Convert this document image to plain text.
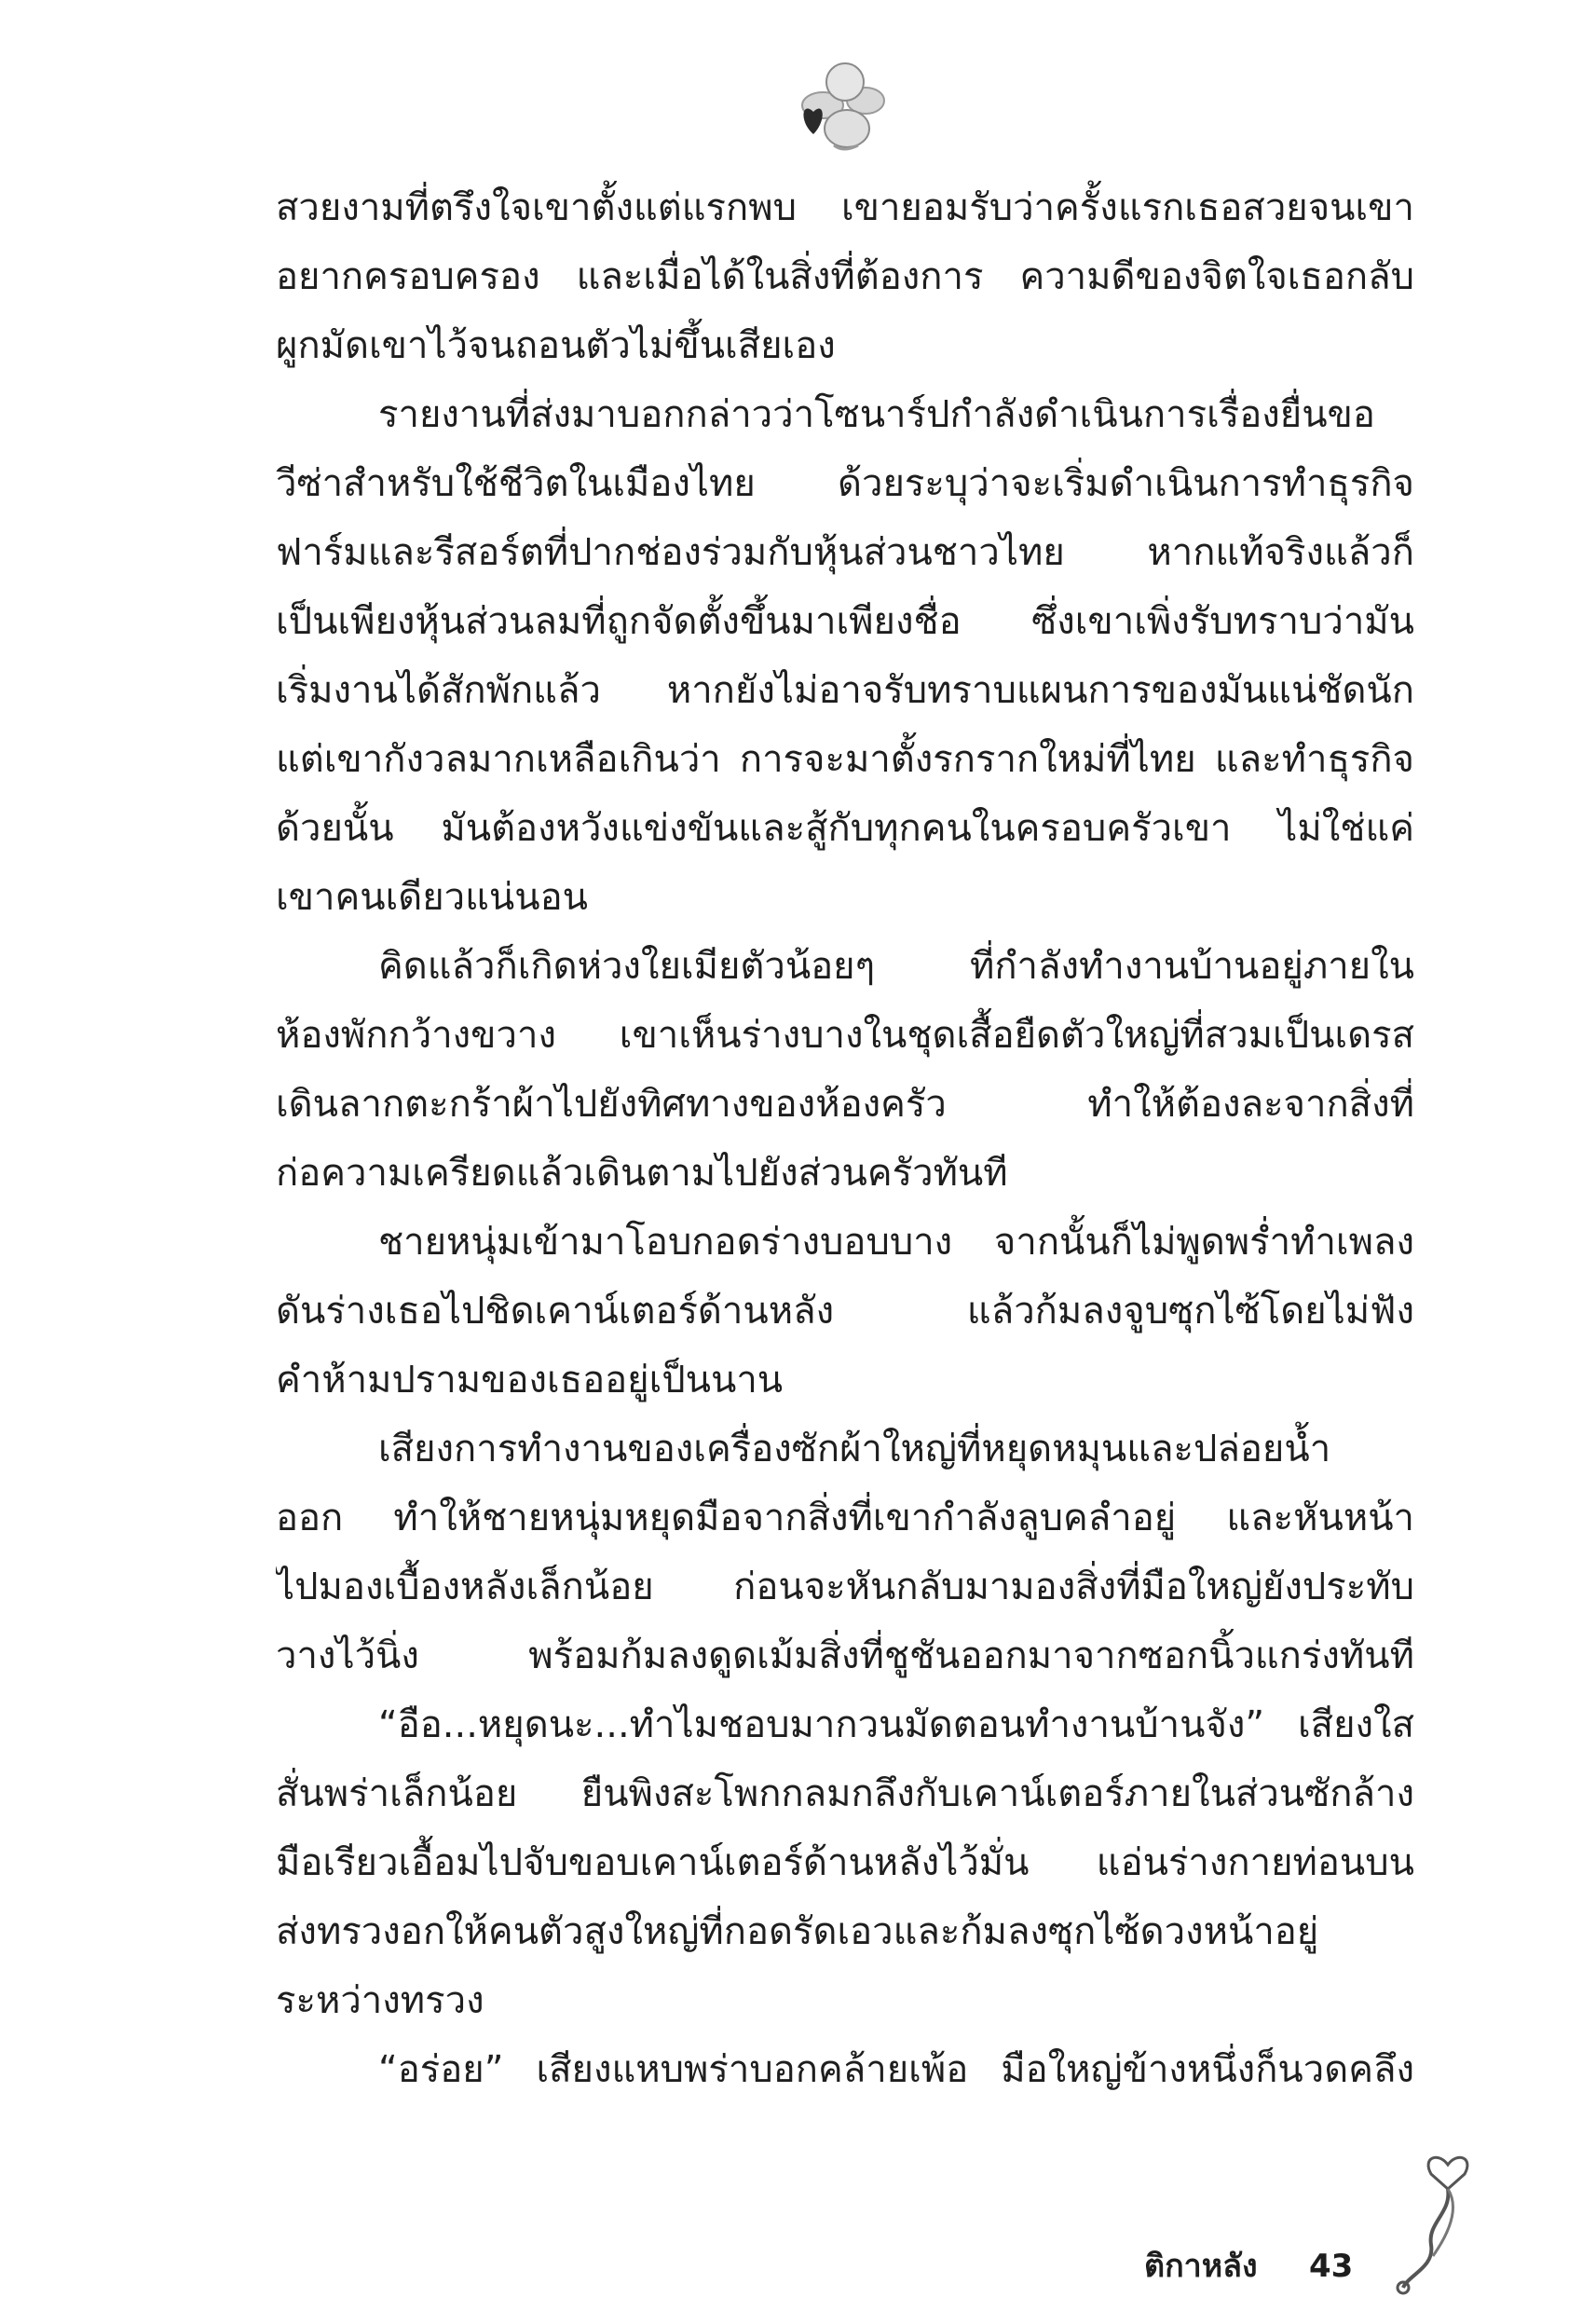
สวยงามที่ตรึงใจเขาตั้งแต่แรกพบ เขายอมรับว่าครั้งแรกเธอสวยจนเขา
อยากครอบครอง และเมื่อได้ในสิ่งที่ต้องการ ความดีของจิตใจเธอกลับ
ผูกมัดเขาไว้จนถอนตัวไม่ขึ้นเสียเอง
รายงานที่ส่งมาบอกกล่าวว่าโซนาร์ปกำลังดำเนินการเรื่องยื่นขอ
วีซ่าสำหรับใช้ชีวิตในเมืองไทย ด้วยระบุว่าจะเริ่มดำเนินการทำธุรกิจ
ฟาร์มและรีสอร์ตที่ปากช่องร่วมกับหุ้นส่วนชาวไทย หากแท้จริงแล้วก็
เป็นเพียงหุ้นส่วนลมที่ถูกจัดตั้งขึ้นมาเพียงชื่อ ซึ่งเขาเพิ่งรับทราบว่ามัน
เริ่มงานได้สักพักแล้ว หากยังไม่อาจรับทราบแผนการของมันแน่ชัดนัก
แต่เขากังวลมากเหลือเกินว่า การจะมาตั้งรกรากใหม่ที่ไทย และทำธุรกิจ
ด้วยนั้น มันต้องหวังแข่งขันและสู้กับทุกคนในครอบครัวเขา ไม่ใช่แค่
เขาคนเดียวแน่นอน
คิดแล้วก็เกิดห่วงใยเมียตัวน้อยๆ ที่กำลังทำงานบ้านอยู่ภายใน
ห้องพักกว้างขวาง เขาเห็นร่างบางในชุดเสื้อยืดตัวใหญ่ที่สวมเป็นเดรส
เดินลากตะกร้าผ้าไปยังทิศทางของห้องครัว ทำให้ต้องละจากสิ่งที่
ก่อความเครียดแล้วเดินตามไปยังส่วนครัวทันที
ชายหนุ่มเข้ามาโอบกอดร่างบอบบาง จากนั้นก็ไม่พูดพร่ำทำเพลง
ดันร่างเธอไปชิดเคาน์เตอร์ด้านหลัง แล้วก้มลงจูบซุกไซ้โดยไม่ฟัง
คำห้ามปรามของเธออยู่เป็นนาน
เสียงการทำงานของเครื่องซักผ้าใหญ่ที่หยุดหมุนและปล่อยน้ำ
ออก ทำให้ชายหนุ่มหยุดมือจากสิ่งที่เขากำลังลูบคลำอยู่ และหันหน้า
ไปมองเบื้องหลังเล็กน้อย ก่อนจะหันกลับมามองสิ่งที่มือใหญ่ยังประทับ
วางไว้นิ่ง พร้อมก้มลงดูดเม้มสิ่งที่ชูชันออกมาจากซอกนิ้วแกร่งทันที
“อือ...หยุดนะ...ทำไมชอบมากวนมัดตอนทำงานบ้านจัง” เสียงใส
สั่นพร่าเล็กน้อย ยืนพิงสะโพกกลมกลึงกับเคาน์เตอร์ภายในส่วนซักล้าง
มือเรียวเอื้อมไปจับขอบเคาน์เตอร์ด้านหลังไว้มั่น แอ่นร่างกายท่อนบน
ส่งทรวงอกให้คนตัวสูงใหญ่ที่กอดรัดเอวและก้มลงซุกไซ้ดวงหน้าอยู่
ระหว่างทรวง
“อร่อย” เสียงแหบพร่าบอกคล้ายเพ้อ มือใหญ่ข้างหนึ่งก็นวดคลึง
ติกาหลัง 43
